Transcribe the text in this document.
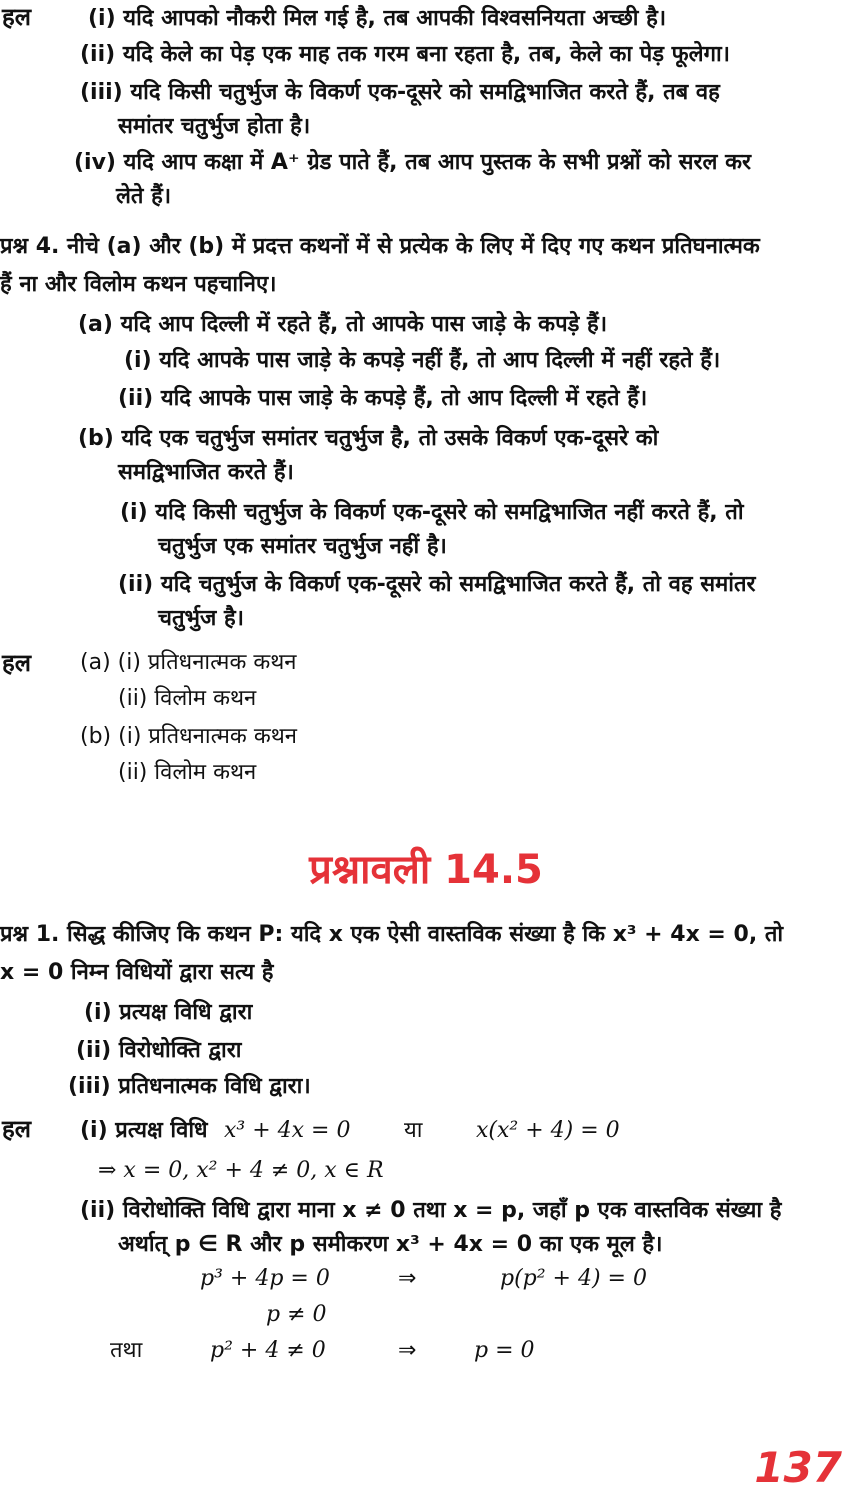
हल	(i) यदि आपको नौकरी मिल गई है, तब आपकी विश्वसनियता अच्छी है।
(ii) यदि केले का पेड़ एक माह तक गरम बना रहता है, तब, केले का पेड़ फूलेगा।
(iii) यदि किसी चतुर्भुज के विकर्ण एक-दूसरे को समद्विभाजित करते हैं, तब वह
समांतर चतुर्भुज होता है।
(iv) यदि आप कक्षा में A⁺ ग्रेड पाते हैं, तब आप पुस्तक के सभी प्रश्नों को सरल कर
लेते हैं।
प्रश्न 4. नीचे (a) और (b) में प्रदत्त कथनों में से प्रत्येक के लिए में दिए गए कथन प्रतिघनात्मक
हैं ना और विलोम कथन पहचानिए।
(a) यदि आप दिल्ली में रहते हैं, तो आपके पास जाड़े के कपड़े हैं।
(i) यदि आपके पास जाड़े के कपड़े नहीं हैं, तो आप दिल्ली में नहीं रहते हैं।
(ii) यदि आपके पास जाड़े के कपड़े हैं, तो आप दिल्ली में रहते हैं।
(b) यदि एक चतुर्भुज समांतर चतुर्भुज है, तो उसके विकर्ण एक-दूसरे को
समद्विभाजित करते हैं।
(i) यदि किसी चतुर्भुज के विकर्ण एक-दूसरे को समद्विभाजित नहीं करते हैं, तो
चतुर्भुज एक समांतर चतुर्भुज नहीं है।
(ii) यदि चतुर्भुज के विकर्ण एक-दूसरे को समद्विभाजित करते हैं, तो वह समांतर
चतुर्भुज है।
हल (a) (i) प्रतिधनात्मक कथन
(ii) विलोम कथन
(b) (i) प्रतिधनात्मक कथन
(ii) विलोम कथन
प्रश्नावली 14.5
प्रश्न 1. सिद्ध कीजिए कि कथन P: यदि x एक ऐसी वास्तविक संख्या है कि x³ + 4x = 0, तो
x = 0 निम्न विधियों द्वारा सत्य है
(i) प्रत्यक्ष विधि द्वारा
(ii) विरोधोक्ति द्वारा
(iii) प्रतिधनात्मक विधि द्वारा।
हल (i) प्रत्यक्ष विधि x³ + 4x = 0 या x(x² + 4) = 0
⇒ x = 0, x² + 4 ≠ 0, x ∈ R
(ii) विरोधोक्ति विधि द्वारा माना x ≠ 0 तथा x = p, जहाँ p एक वास्तविक संख्या है
अर्थात् p ∈ R और p समीकरण x³ + 4x = 0 का एक मूल है।
p³ + 4p = 0	⇒	p(p² + 4) = 0
p ≠ 0
तथा	p² + 4 ≠ 0	⇒	p = 0
137
